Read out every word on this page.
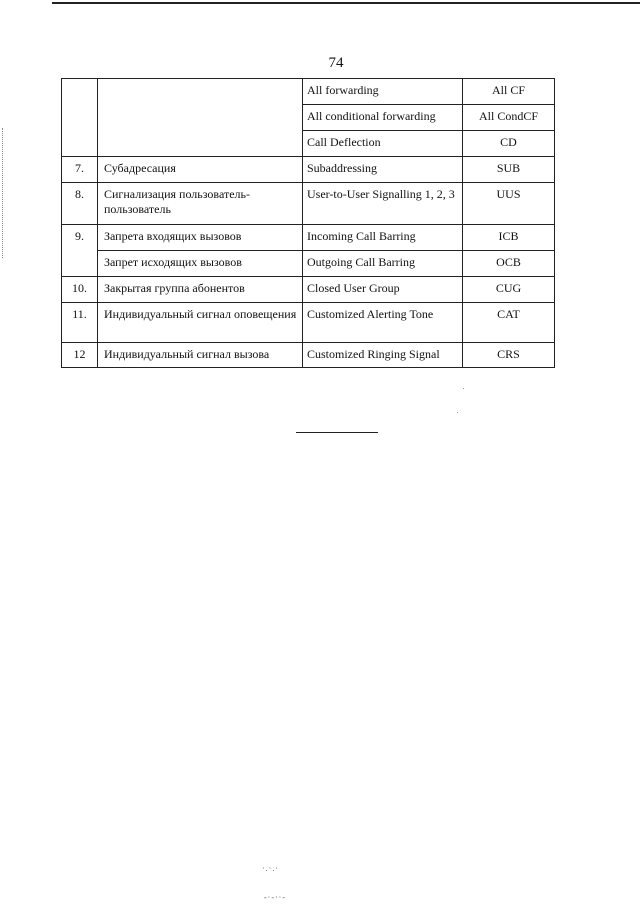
74
		All forwarding	All CF
		All conditional forwarding	All CondCF
		Call Deflection	CD
7.	Субадресация	Subaddressing	SUB
8.	Сигнализация пользователь-пользователь	User-to-User Signalling 1, 2, 3	UUS
9.	Запрета входящих вызовов	Incoming Call Barring	ICB
	Запрет исходящих вызовов	Outgoing Call Barring	OCB
10.	Закрытая группа абонентов	Closed User Group	CUG
11.	Индивидуальный сигнал оповещения	Customized Alerting Tone	CAT
12	Индивидуальный сигнал вызова	Customized Ringing Signal	CRS
·.·.·
-·-··-
